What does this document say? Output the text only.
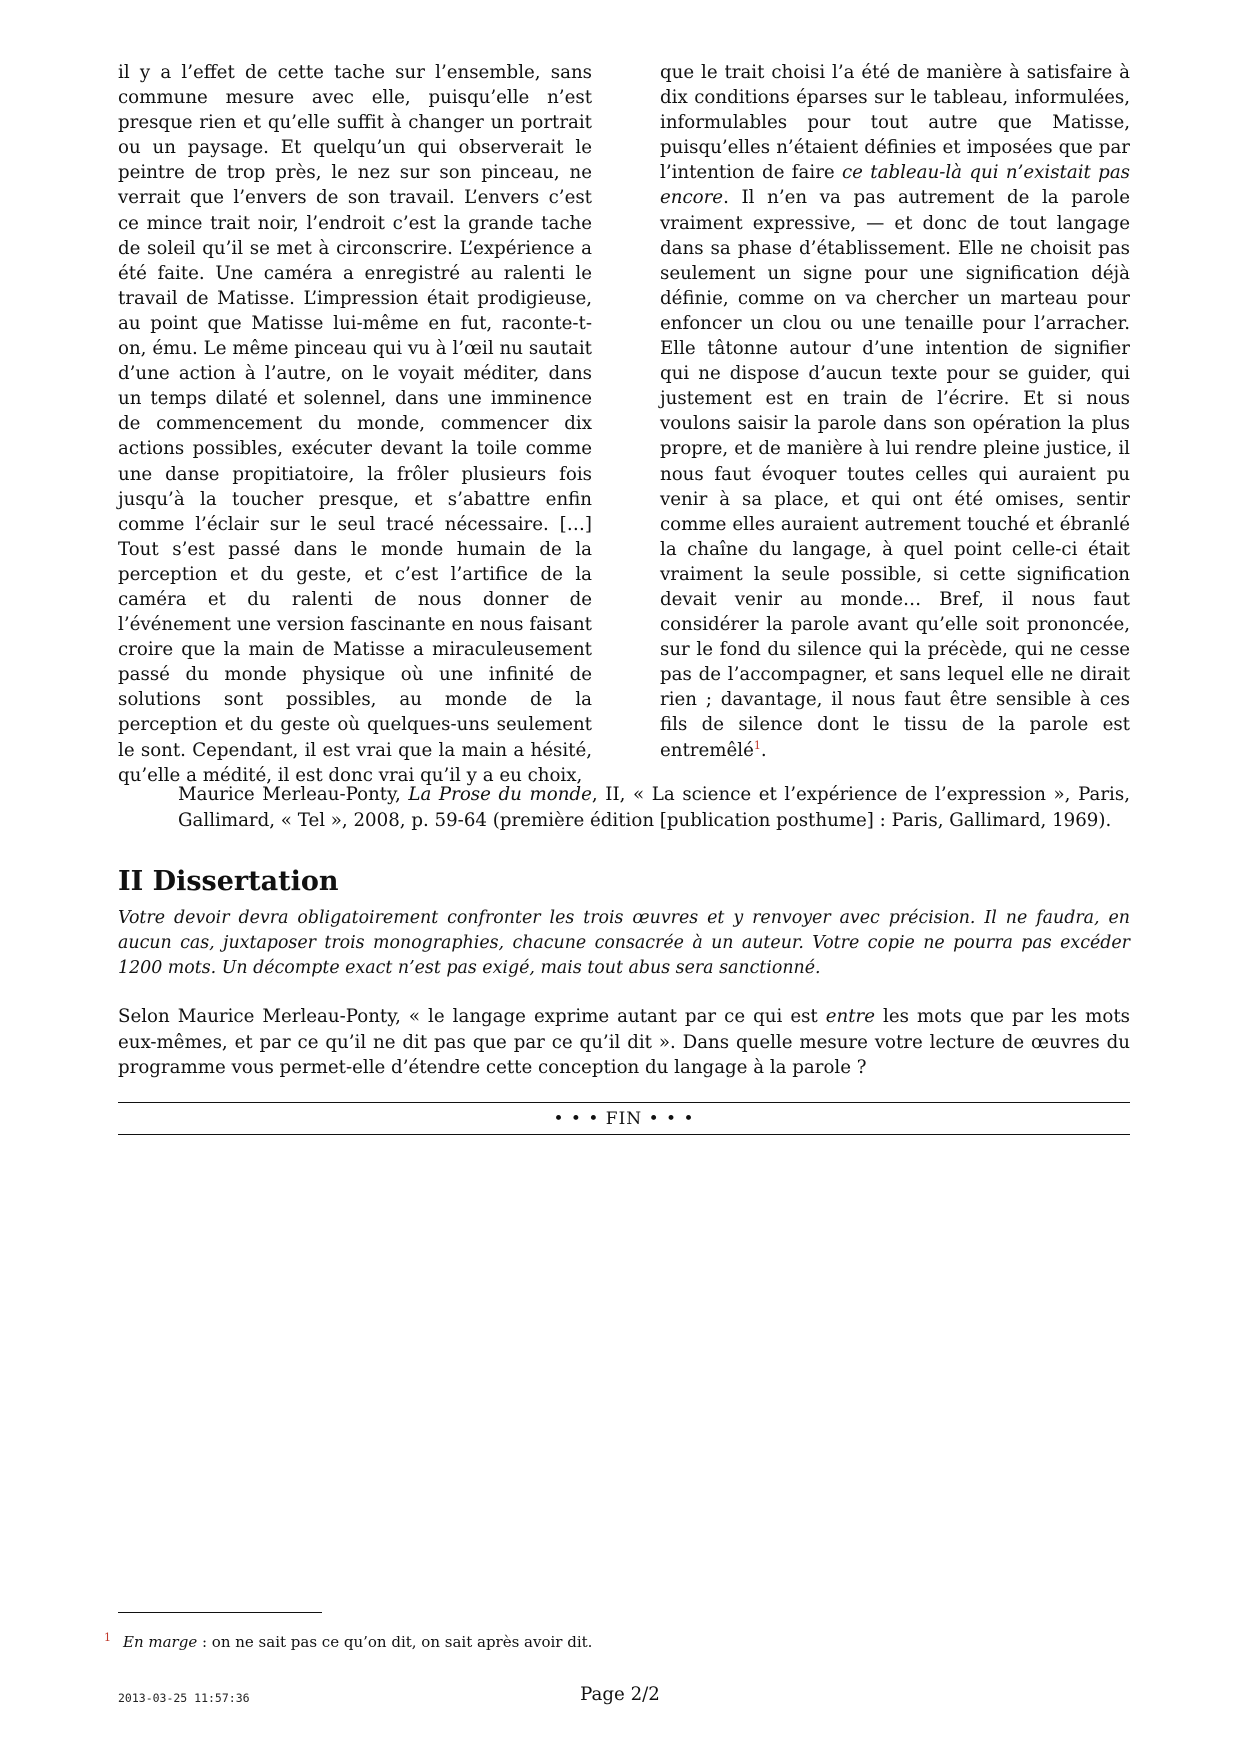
il y a l’effet de cette tache sur l’ensemble, sans commune mesure avec elle, puisqu’elle n’est presque rien et qu’elle suffit à changer un portrait ou un paysage. Et quelqu’un qui observerait le peintre de trop près, le nez sur son pinceau, ne verrait que l’envers de son travail. L’envers c’est ce mince trait noir, l’endroit c’est la grande tache de soleil qu’il se met à circonscrire. L’expérience a été faite. Une caméra a enregistré au ralenti le travail de Matisse. L’impression était prodigieuse, au point que Matisse lui-même en fut, raconte-t-on, ému. Le même pinceau qui vu à l’œil nu sautait d’une action à l’autre, on le voyait méditer, dans un temps dilaté et solennel, dans une imminence de commencement du monde, commencer dix actions possibles, exécuter devant la toile comme une danse propitiatoire, la frôler plusieurs fois jusqu’à la toucher presque, et s’abattre enfin comme l’éclair sur le seul tracé nécessaire. […] Tout s’est passé dans le monde humain de la perception et du geste, et c’est l’artifice de la caméra et du ralenti de nous donner de l’événement une version fascinante en nous faisant croire que la main de Matisse a miraculeusement passé du monde physique où une infinité de solutions sont possibles, au monde de la perception et du geste où quelques-uns seulement le sont. Cependant, il est vrai que la main a hésité, qu’elle a médité, il est donc vrai qu’il y a eu choix,

que le trait choisi l’a été de manière à satisfaire à dix conditions éparses sur le tableau, informulées, informulables pour tout autre que Matisse, puisqu’elles n’étaient définies et imposées que par l’intention de faire ce tableau-là qui n’existait pas encore. Il n’en va pas autrement de la parole vraiment expressive, — et donc de tout langage dans sa phase d’établissement. Elle ne choisit pas seulement un signe pour une signification déjà définie, comme on va chercher un marteau pour enfoncer un clou ou une tenaille pour l’arracher. Elle tâtonne autour d’une intention de signifier qui ne dispose d’aucun texte pour se guider, qui justement est en train de l’écrire. Et si nous voulons saisir la parole dans son opération la plus propre, et de manière à lui rendre pleine justice, il nous faut évoquer toutes celles qui auraient pu venir à sa place, et qui ont été omises, sentir comme elles auraient autrement touché et ébranlé la chaîne du langage, à quel point celle-ci était vraiment la seule possible, si cette signification devait venir au monde… Bref, il nous faut considérer la parole avant qu’elle soit prononcée, sur le fond du silence qui la précède, qui ne cesse pas de l’accompagner, et sans lequel elle ne dirait rien ; davantage, il nous faut être sensible à ces fils de silence dont le tissu de la parole est entremêlé$^1$.

Maurice Merleau-Ponty, La Prose du monde, II, « La science et l’expérience de l’expression », Paris, Gallimard, « Tel », 2008, p. 59-64 (première édition [publication posthume] : Paris, Gallimard, 1969).

II Dissertation

Votre devoir devra obligatoirement confronter les trois œuvres et y renvoyer avec précision. Il ne faudra, en aucun cas, juxtaposer trois monographies, chacune consacrée à un auteur. Votre copie ne pourra pas excéder 1200 mots. Un décompte exact n’est pas exigé, mais tout abus sera sanctionné.

Selon Maurice Merleau-Ponty, « le langage exprime autant par ce qui est entre les mots que par les mots eux-mêmes, et par ce qu’il ne dit pas que par ce qu’il dit ». Dans quelle mesure votre lecture de œuvres du programme vous permet-elle d’étendre cette conception du langage à la parole ?

• • • FIN • • •
$^1$ En marge : on ne sait pas ce qu’on dit, on sait après avoir dit.
2013-03-25 11:57:36	Page 2/2
